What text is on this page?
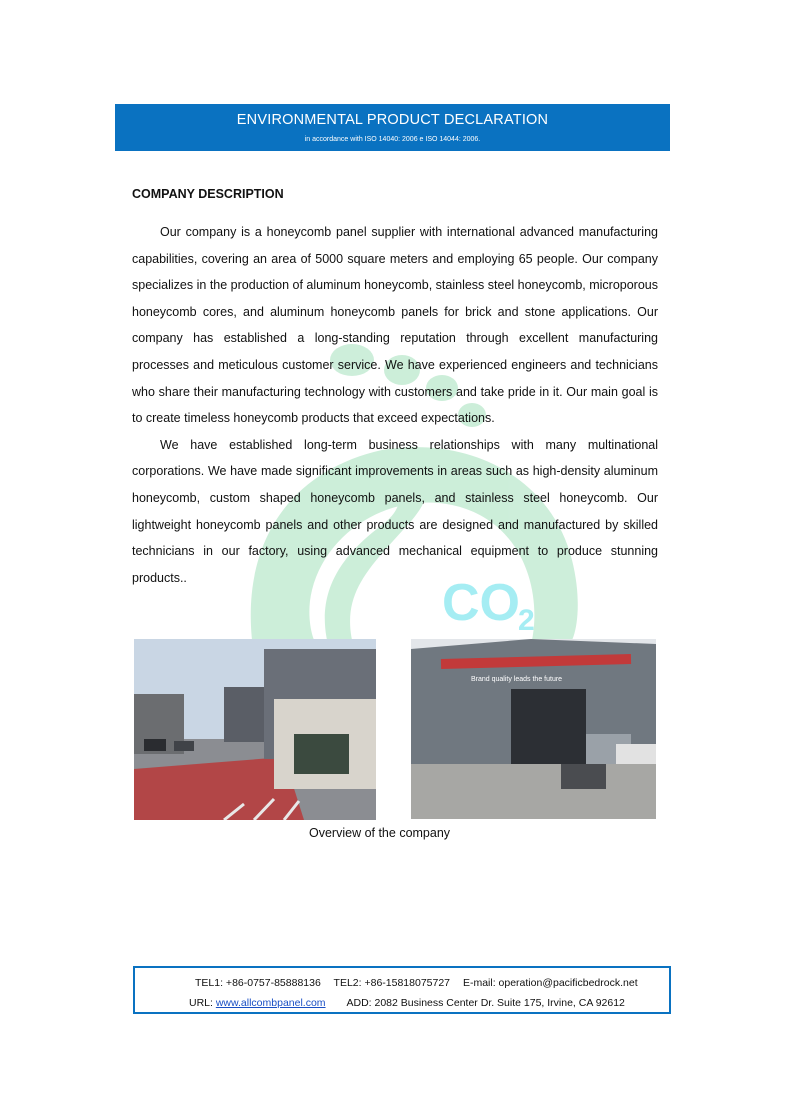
ENVIRONMENTAL PRODUCT DECLARATION
in accordance with ISO 14040: 2006 e ISO 14044: 2006.
CO
2
COMPANY DESCRIPTION

Our company is a honeycomb panel supplier with international advanced manufacturing capabilities, covering an area of 5000 square meters and employing 65 people. Our company specializes in the production of aluminum honeycomb, stainless steel honeycomb, microporous honeycomb cores, and aluminum honeycomb panels for brick and stone applications. Our company has established a long-standing reputation through excellent manufacturing processes and meticulous customer service. We have experienced engineers and technicians who share their manufacturing technology with customers and take pride in it. Our main goal is to create timeless honeycomb products that exceed expectations.

We have established long-term business relationships with many multinational corporations. We have made significant improvements in areas such as high-density aluminum honeycomb, custom shaped honeycomb panels, and stainless steel honeycomb. Our lightweight honeycomb panels and other products are designed and manufactured by skilled technicians in our factory, using advanced mechanical equipment to produce stunning products..

Brand quality leads the future
Overview of the company
TEL1: +86-0757-85888136 TEL2: +86-15818075727 E-mail: operation@pacificbedrock.net
URL: www.allcombpanel.com ADD: 2082 Business Center Dr. Suite 175, Irvine, CA 92612
